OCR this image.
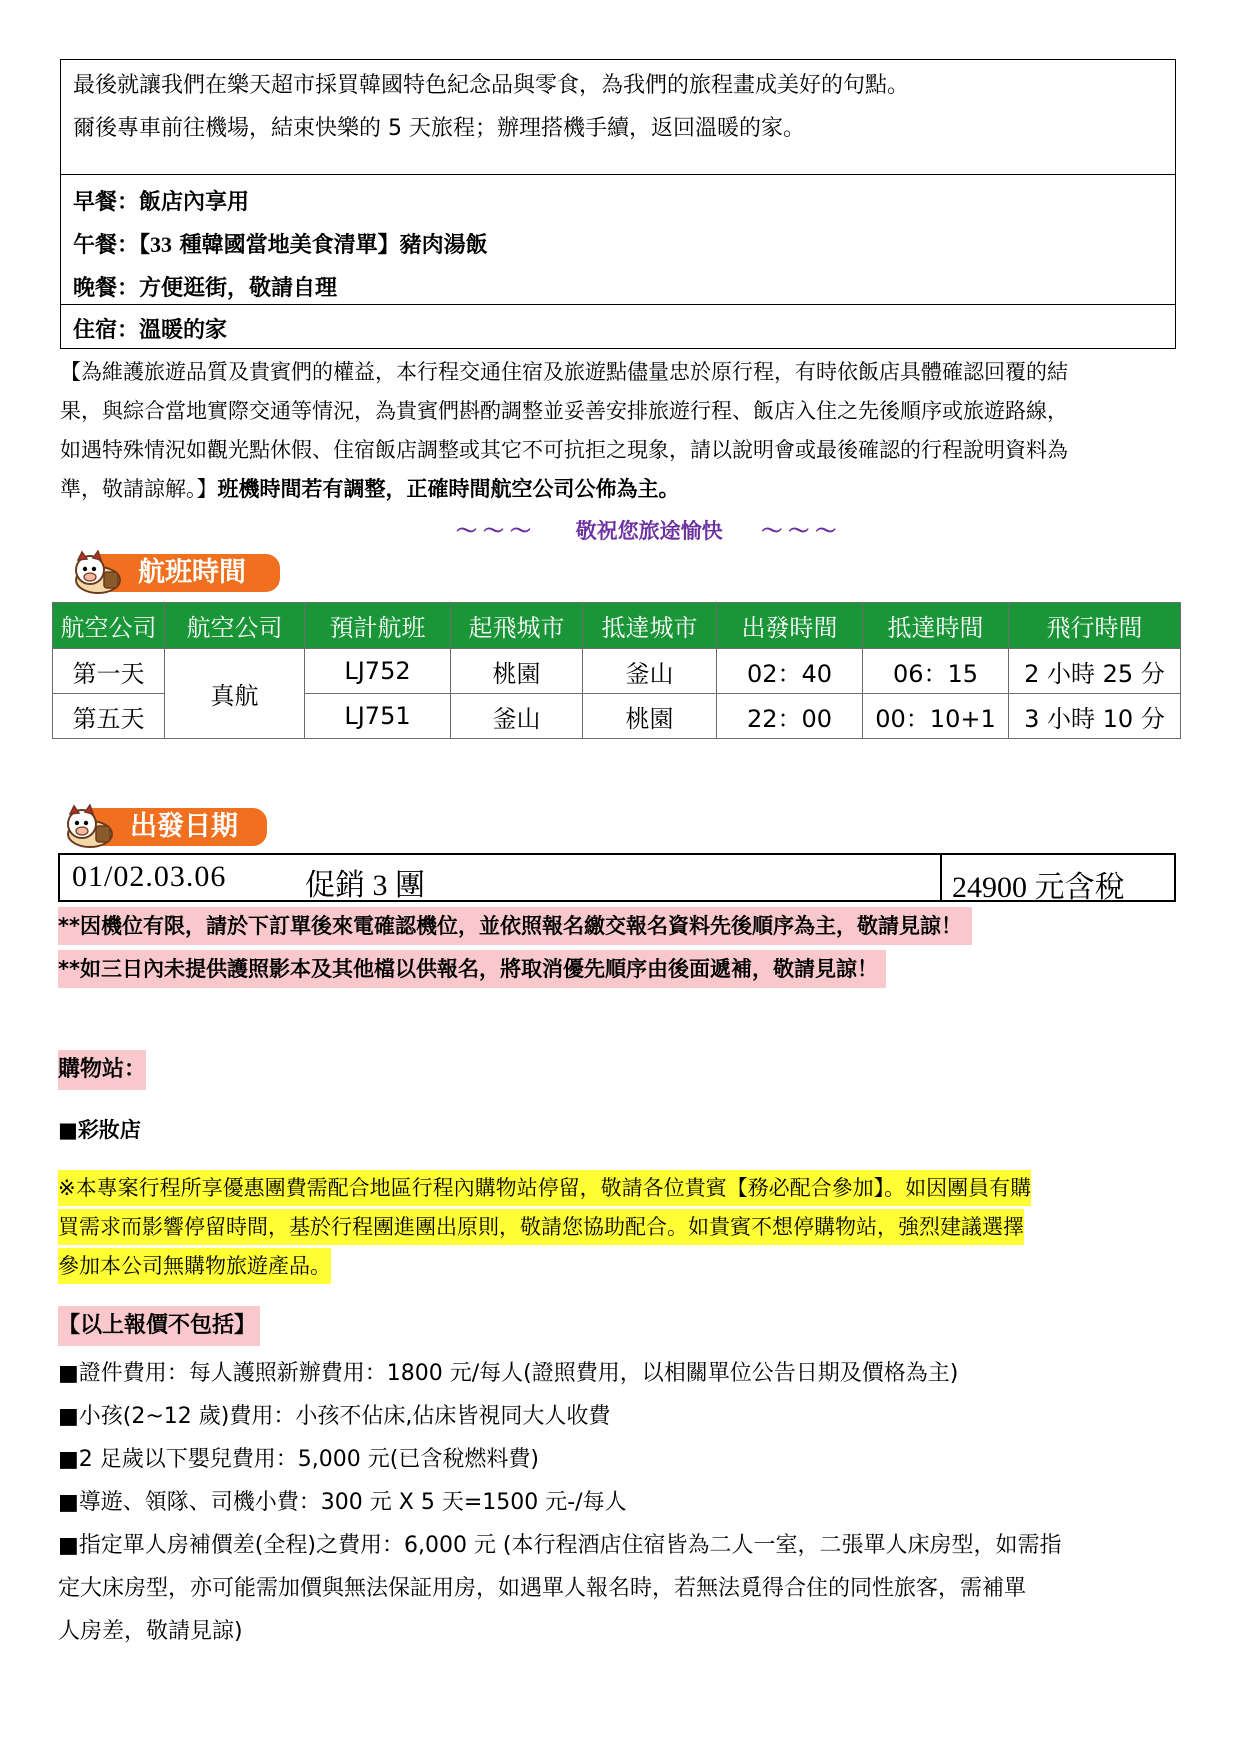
最後就讓我們在樂天超市採買韓國特色紀念品與零食，為我們的旅程畫成美好的句點。
爾後專車前往機場，結束快樂的 5 天旅程；辦理搭機手續，返回溫暖的家。
早餐：飯店內享用
午餐：【33 種韓國當地美食清單】豬肉湯飯
晚餐：方便逛街，敬請自理
住宿：溫暖的家
【為維護旅遊品質及貴賓們的權益，本行程交通住宿及旅遊點儘量忠於原行程，有時依飯店具體確認回覆的結
果，與綜合當地實際交通等情況，為貴賓們斟酌調整並妥善安排旅遊行程、飯店入住之先後順序或旅遊路線，
如遇特殊情況如觀光點休假、住宿飯店調整或其它不可抗拒之現象，請以說明會或最後確認的行程說明資料為
準，敬請諒解。】班機時間若有調整，正確時間航空公司公佈為主。
～～～ 敬祝您旅途愉快 ～～～
航班時間
航空公司	航空公司	預計航班	起飛城市	抵達城市	出發時間	抵達時間	飛行時間
第一天	真航	LJ752	桃園	釜山	02：40	06：15	2 小時 25 分
第五天		LJ751	釜山	桃園	22：00	00：10+1	3 小時 10 分
出發日期
01/02.03.06	促銷 3 團	24900 元含稅
**因機位有限，請於下訂單後來電確認機位，並依照報名繳交報名資料先後順序為主，敬請見諒！
**如三日內未提供護照影本及其他檔以供報名，將取消優先順序由後面遞補，敬請見諒！
購物站：
■彩妝店
※本專案行程所享優惠團費需配合地區行程內購物站停留，敬請各位貴賓【務必配合參加】。如因團員有購
買需求而影響停留時間，基於行程團進團出原則，敬請您協助配合。如貴賓不想停購物站，強烈建議選擇
參加本公司無購物旅遊產品。
【以上報價不包括】
■證件費用：每人護照新辦費用：1800 元/每人(證照費用，以相關單位公告日期及價格為主)
■小孩(2~12 歲)費用：小孩不佔床,佔床皆視同大人收費
■2 足歲以下嬰兒費用：5,000 元(已含稅燃料費)
■導遊、領隊、司機小費：300 元 X 5 天=1500 元-/每人
■指定單人房補價差(全程)之費用：6,000 元 (本行程酒店住宿皆為二人一室，二張單人床房型，如需指
定大床房型，亦可能需加價與無法保証用房，如遇單人報名時，若無法覓得合住的同性旅客，需補單
人房差，敬請見諒)
